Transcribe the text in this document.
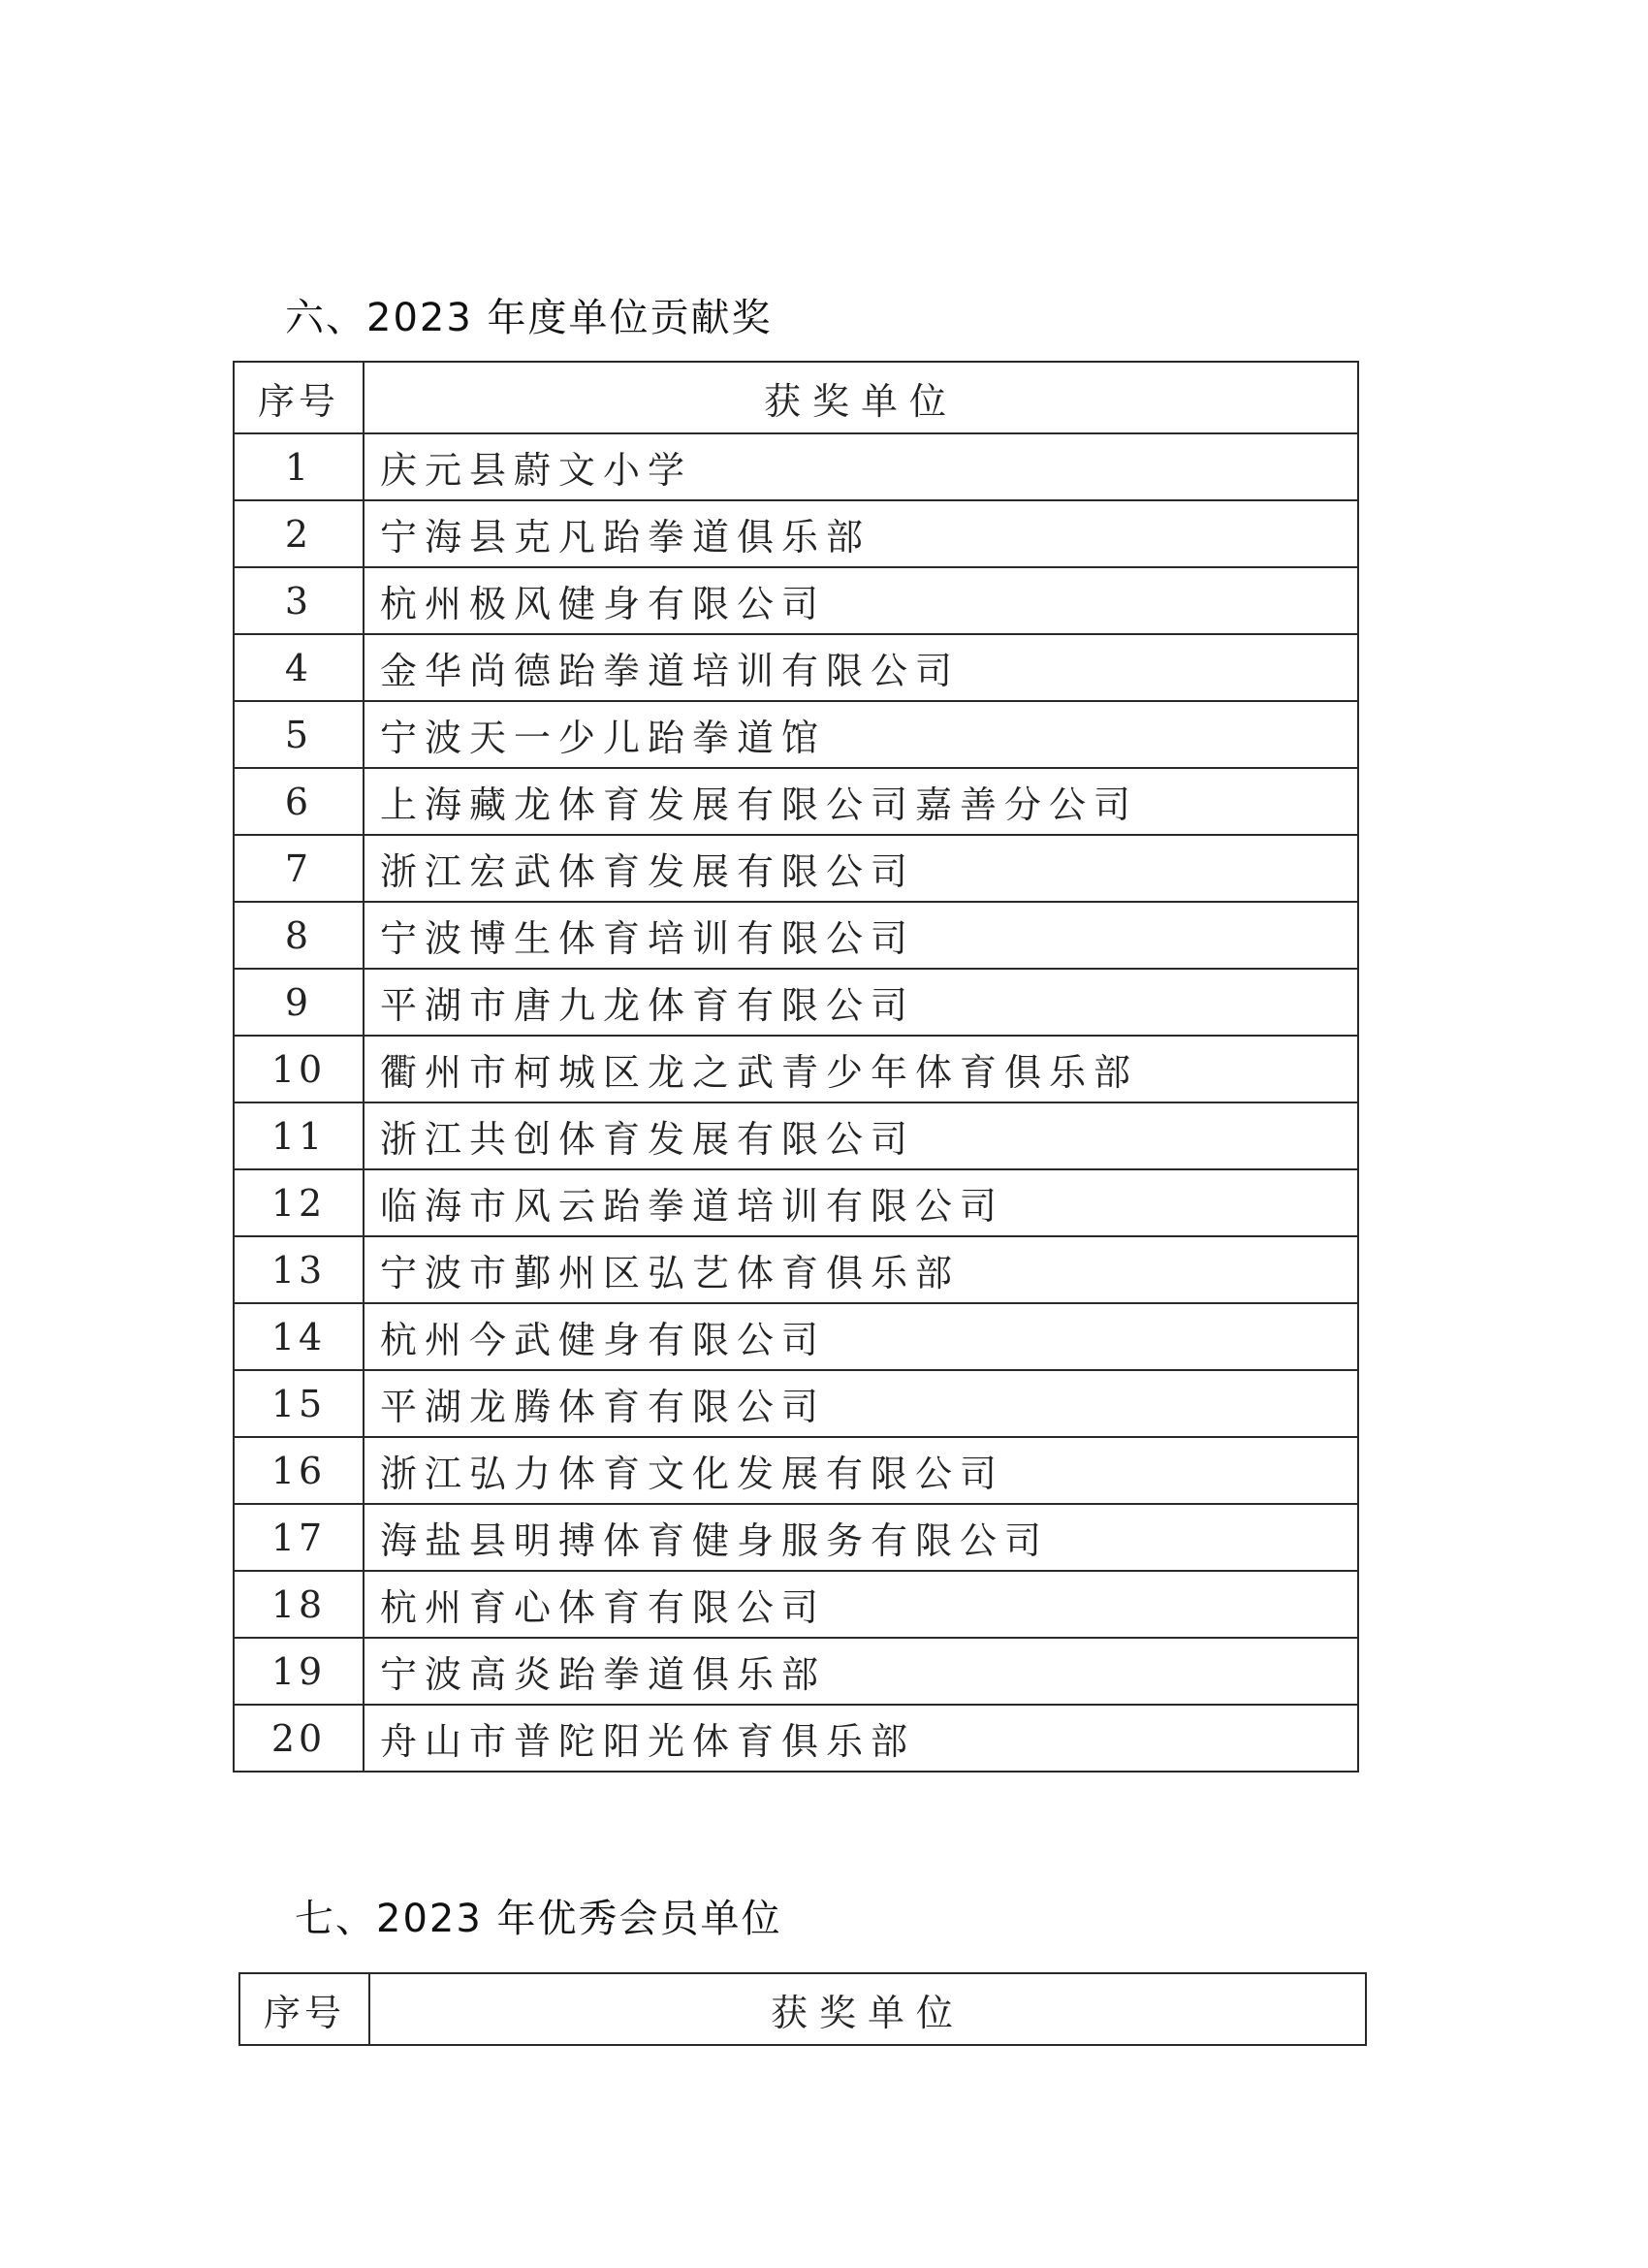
六、2023 年度单位贡献奖
序号	获奖单位
1	庆元县蔚文小学
2	宁海县克凡跆拳道俱乐部
3	杭州极风健身有限公司
4	金华尚德跆拳道培训有限公司
5	宁波天一少儿跆拳道馆
6	上海藏龙体育发展有限公司嘉善分公司
7	浙江宏武体育发展有限公司
8	宁波博生体育培训有限公司
9	平湖市唐九龙体育有限公司
10	衢州市柯城区龙之武青少年体育俱乐部
11	浙江共创体育发展有限公司
12	临海市风云跆拳道培训有限公司
13	宁波市鄞州区弘艺体育俱乐部
14	杭州今武健身有限公司
15	平湖龙腾体育有限公司
16	浙江弘力体育文化发展有限公司
17	海盐县明搏体育健身服务有限公司
18	杭州育心体育有限公司
19	宁波高炎跆拳道俱乐部
20	舟山市普陀阳光体育俱乐部
七、2023 年优秀会员单位
序号	获奖单位
